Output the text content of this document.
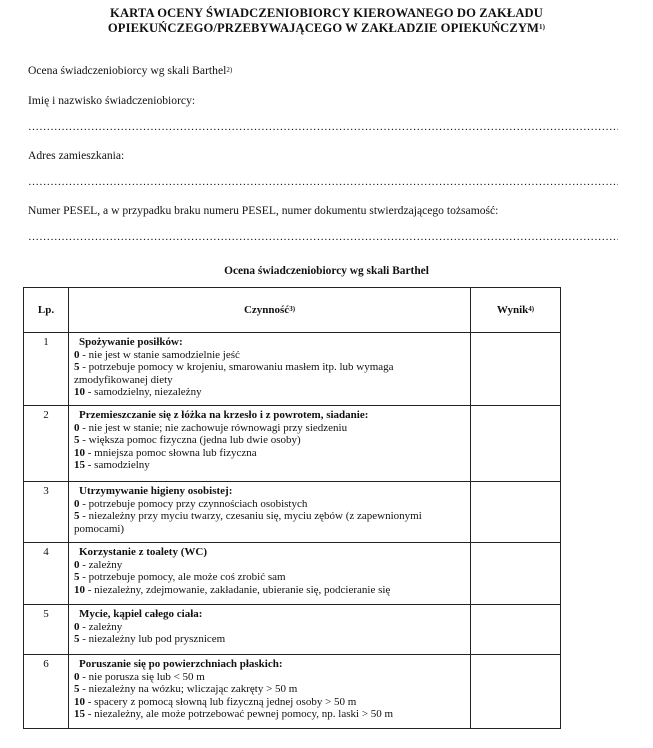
KARTA OCENY ŚWIADCZENIOBIORCY KIEROWANEGO DO ZAKŁADU
OPIEKUŃCZEGO/PRZEBYWAJĄCEGO W ZAKŁADZIE OPIEKUŃCZYM$^{1)}$
Ocena świadczeniobiorcy wg skali Barthel$^{2)}$
Imię i nazwisko świadczeniobiorcy:
……………………………………………………………………………………………………………………………………………………………………………………
Adres zamieszkania:
……………………………………………………………………………………………………………………………………………………………………………………
Numer PESEL, a w przypadku braku numeru PESEL, numer dokumentu stwierdzającego tożsamość:
……………………………………………………………………………………………………………………………………………………………………………………
Ocena świadczeniobiorcy wg skali Barthel
Lp.	Czynność$^{3)}$	Wynik$^{4)}$
1	Spożywanie posiłków:
0 - nie jest w stanie samodzielnie jeść
5 - potrzebuje pomocy w krojeniu, smarowaniu masłem itp. lub wymaga zmodyfikowanej diety
10 - samodzielny, niezależny	

2	Przemieszczanie się z łóżka na krzesło i z powrotem, siadanie:
0 - nie jest w stanie; nie zachowuje równowagi przy siedzeniu
5 - większa pomoc fizyczna (jedna lub dwie osoby)
10 - mniejsza pomoc słowna lub fizyczna
15 - samodzielny	

3	Utrzymywanie higieny osobistej:
0 - potrzebuje pomocy przy czynnościach osobistych
5 - niezależny przy myciu twarzy, czesaniu się, myciu zębów (z zapewnionymi pomocami)	

4	Korzystanie z toalety (WC)
0 - zależny
5 - potrzebuje pomocy, ale może coś zrobić sam
10 - niezależny, zdejmowanie, zakładanie, ubieranie się, podcieranie się	

5	Mycie, kąpiel całego ciała:
0 - zależny
5 - niezależny lub pod prysznicem	

6	Poruszanie się po powierzchniach płaskich:
0 - nie porusza się lub < 50 m
5 - niezależny na wózku; wliczając zakręty > 50 m
10 - spacery z pomocą słowną lub fizyczną jednej osoby > 50 m
15 - niezależny, ale może potrzebować pewnej pomocy, np. laski > 50 m	
